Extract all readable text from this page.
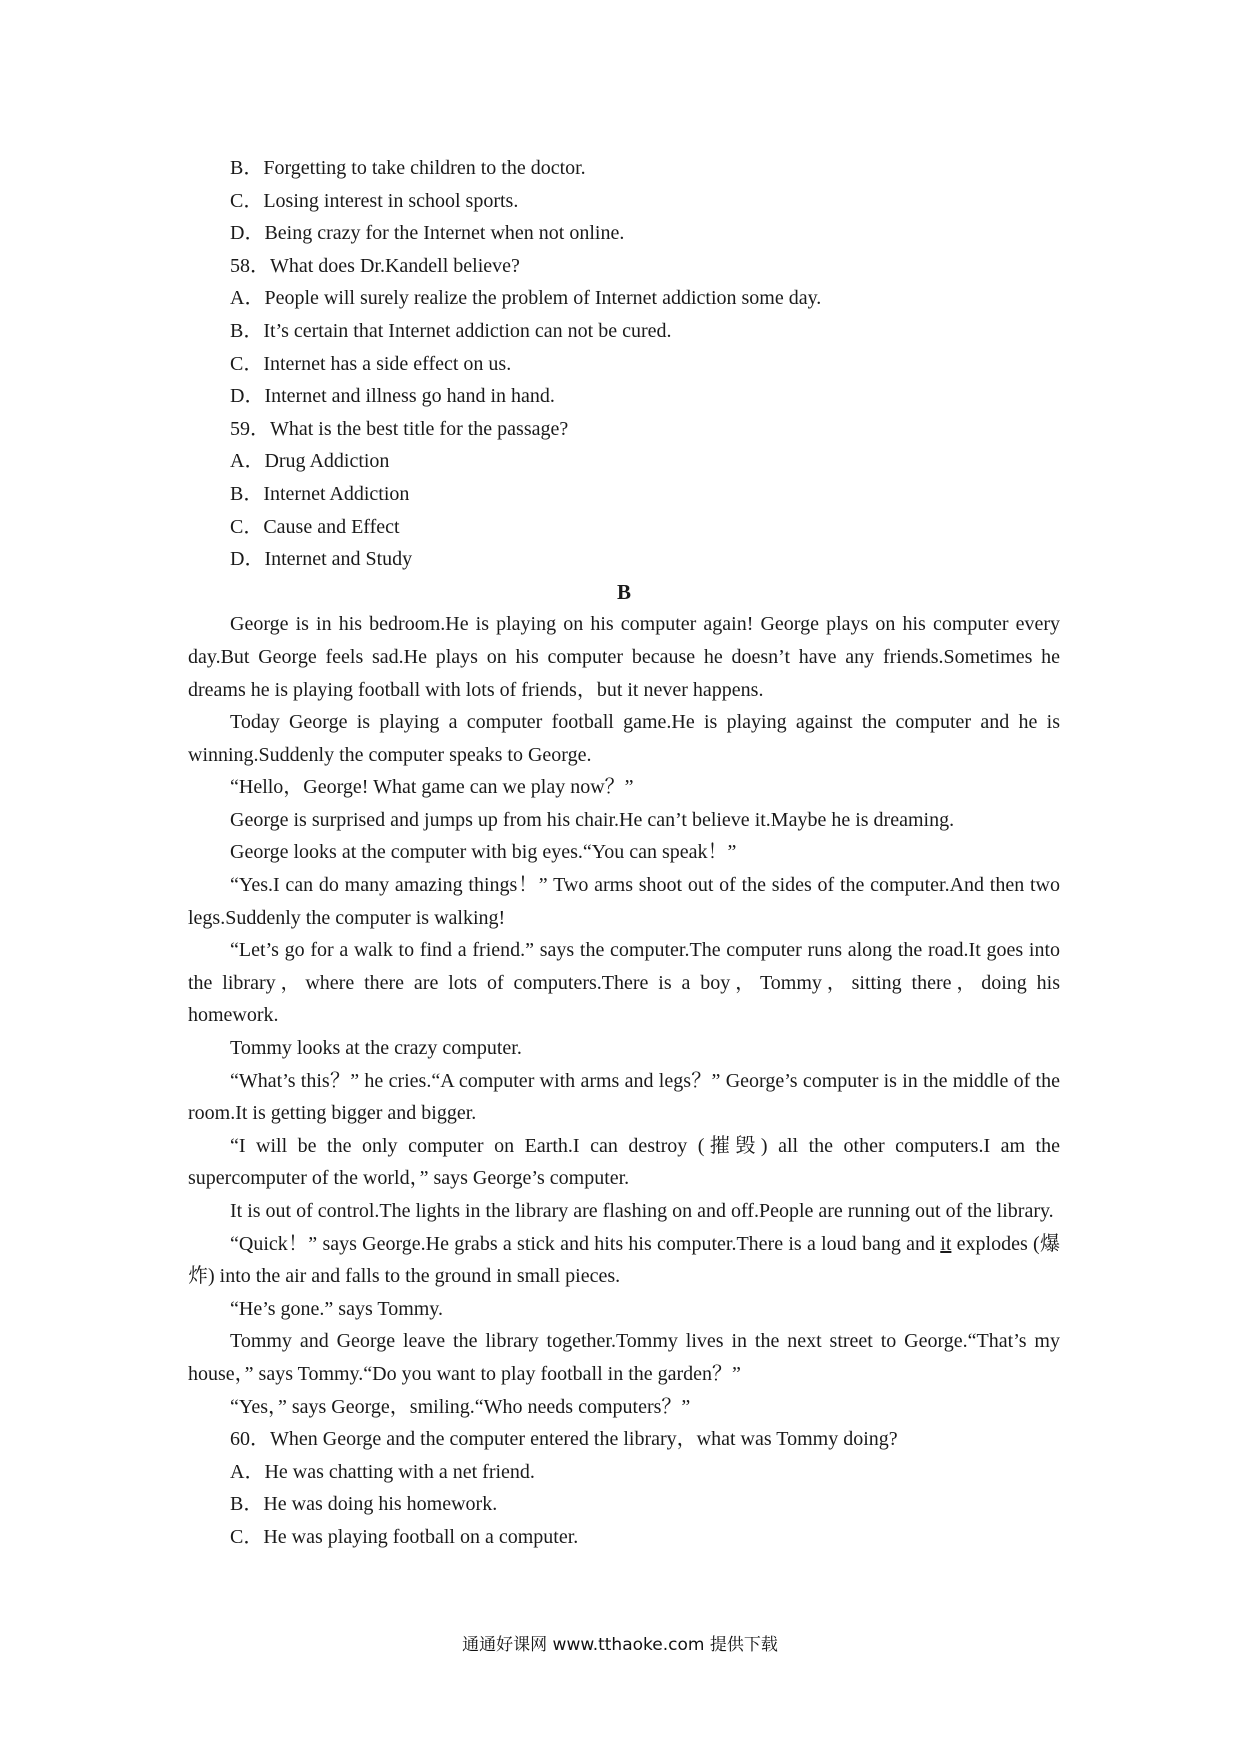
B．Forgetting to take children to the doctor.
C．Losing interest in school sports.
D．Being crazy for the Internet when not online.
58．What does Dr.Kandell believe?
A．People will surely realize the problem of Internet addiction some day.
B．It’s certain that Internet addiction can not be cured.
C．Internet has a side effect on us.
D．Internet and illness go hand in hand.
59．What is the best title for the passage?
A．Drug Addiction
B．Internet Addiction
C．Cause and Effect
D．Internet and Study
B

George is in his bedroom.He is playing on his computer again! George plays on his computer every day.But George feels sad.He plays on his computer because he doesn’t have any friends.Sometimes he dreams he is playing football with lots of friends，but it never happens.

Today George is playing a computer football game.He is playing against the computer and he is winning.Suddenly the computer speaks to George.

“Hello，George! What game can we play now？”

George is surprised and jumps up from his chair.He can’t believe it.Maybe he is dreaming.

George looks at the computer with big eyes.“You can speak！”

“Yes.I can do many amazing things！” Two arms shoot out of the sides of the computer.And then two legs.Suddenly the computer is walking!

“Let’s go for a walk to find a friend.” says the computer.The computer runs along the road.It goes into the library，where there are lots of computers.There is a boy，Tommy，sitting there，doing his homework.

Tommy looks at the crazy computer.

“What’s this？” he cries.“A computer with arms and legs？” George’s computer is in the middle of the room.It is getting bigger and bigger.

“I will be the only computer on Earth.I can destroy (摧毁) all the other computers.I am the supercomputer of the world，” says George’s computer.

It is out of control.The lights in the library are flashing on and off.People are running out of the library.

“Quick！” says George.He grabs a stick and hits his computer.There is a loud bang and it explodes (爆炸) into the air and falls to the ground in small pieces.

“He’s gone.” says Tommy.

Tommy and George leave the library together.Tommy lives in the next street to George.“That’s my house，” says Tommy.“Do you want to play football in the garden？”

“Yes，” says George，smiling.“Who needs computers？”

60．When George and the computer entered the library，what was Tommy doing?
A．He was chatting with a net friend.
B．He was doing his homework.
C．He was playing football on a computer.
通通好课网 www.tthaoke.com 提供下载
